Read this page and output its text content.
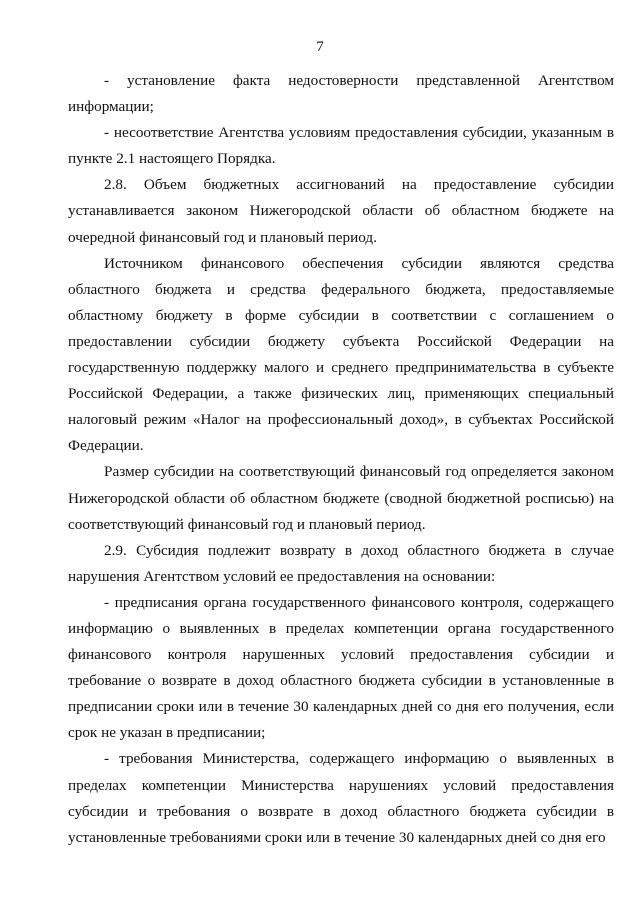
7

- установление факта недостоверности представленной Агентством информации;

- несоответствие Агентства условиям предоставления субсидии, указанным в пункте 2.1 настоящего Порядка.

2.8. Объем бюджетных ассигнований на предоставление субсидии устанавливается законом Нижегородской области об областном бюджете на очередной финансовый год и плановый период.

Источником финансового обеспечения субсидии являются средства областного бюджета и средства федерального бюджета, предоставляемые областному бюджету в форме субсидии в соответствии с соглашением о предоставлении субсидии бюджету субъекта Российской Федерации на государственную поддержку малого и среднего предпринимательства в субъекте Российской Федерации, а также физических лиц, применяющих специальный налоговый режим «Налог на профессиональный доход», в субъектах Российской Федерации.

Размер субсидии на соответствующий финансовый год определяется законом Нижегородской области об областном бюджете (сводной бюджетной росписью) на соответствующий финансовый год и плановый период.

2.9. Субсидия подлежит возврату в доход областного бюджета в случае нарушения Агентством условий ее предоставления на основании:

- предписания органа государственного финансового контроля, содержащего информацию о выявленных в пределах компетенции органа государственного финансового контроля нарушенных условий предоставления субсидии и требование о возврате в доход областного бюджета субсидии в установленные в предписании сроки или в течение 30 календарных дней со дня его получения, если срок не указан в предписании;

- требования Министерства, содержащего информацию о выявленных в пределах компетенции Министерства нарушениях условий предоставления субсидии и требования о возврате в доход областного бюджета субсидии в установленные требованиями сроки или в течение 30 календарных дней со дня его
